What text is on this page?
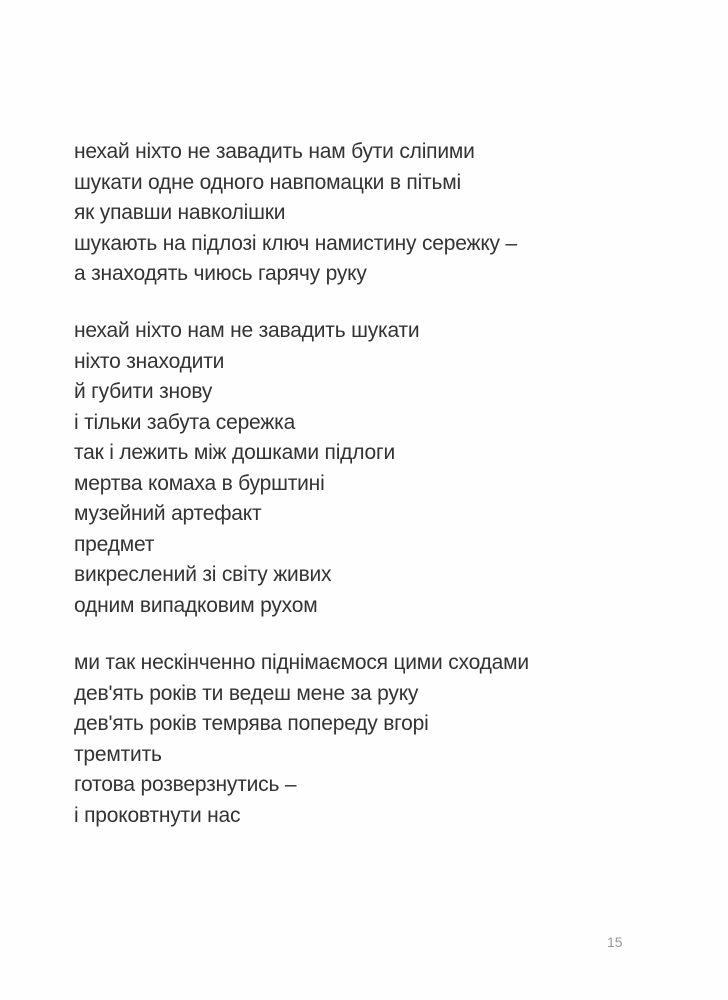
нехай ніхто не завадить нам бути сліпими
шукати одне одного навпомацки в пітьмі
як упавши навколішки
шукають на підлозі ключ намистину сережку –
а знаходять чиюсь гарячу руку
нехай ніхто нам не завадить шукати
ніхто знаходити
й губити знову
і тільки забута сережка
так і лежить між дошками підлоги
мертва комаха в бурштині
музейний артефакт
предмет
викреслений зі світу живих
одним випадковим рухом
ми так нескінченно піднімаємося цими сходами
дев'ять років ти ведеш мене за руку
дев'ять років темрява попереду вгорі
тремтить
готова розверзнутись –
і проковтнути нас
15
